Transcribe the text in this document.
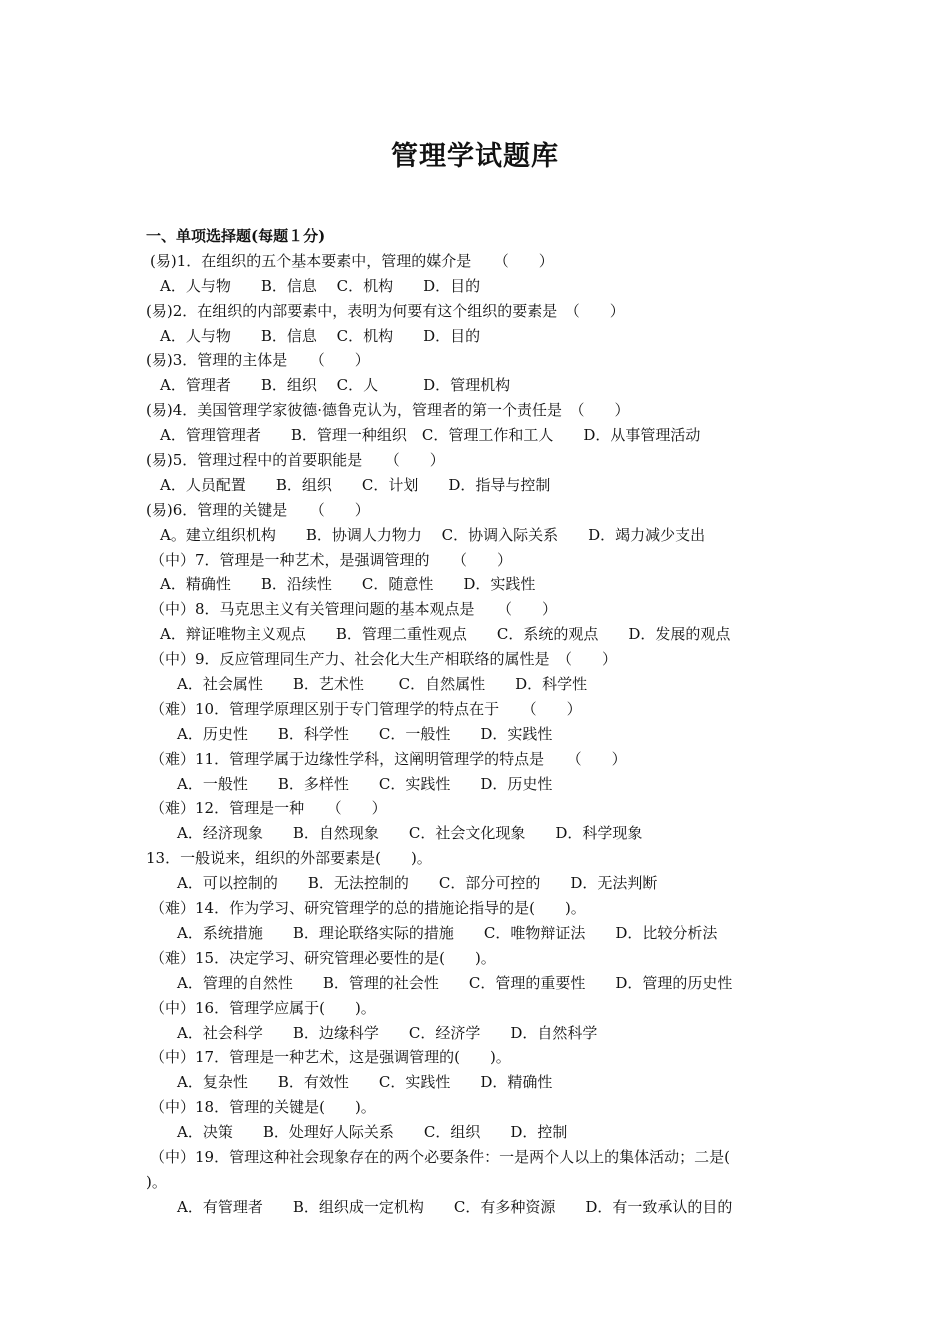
管理学试题库
一、单项选择题(每题１分)
(易)1．在组织的五个基本要素中，管理的媒介是　　（　　）
A．人与物　　B．信息　 C．机构　　D．目的
(易)2．在组织的内部要素中，表明为何要有这个组织的要素是　（　　）
A．人与物　　B．信息　 C．机构　　D．目的
(易)3．管理的主体是　　（　　）
A．管理者　　B．组织　 C．人　　　D．管理机构
(易)4．美国管理学家彼德·德鲁克认为，管理者的第一个责任是　（　　）
A．管理管理者　　B．管理一种组织　C．管理工作和工人　　D．从事管理活动
(易)5．管理过程中的首要职能是　　（　　）
A．人员配置　　B．组织　　C．计划　　D．指导与控制
(易)6．管理的关键是　　（　　）
A。建立组织机构　　B．协调人力物力　 C．协调入际关系　　D．竭力减少支出
（中）7．管理是一种艺术，是强调管理的　　（　　）
A．精确性　　B．沿续性　　C．随意性　　D．实践性
（中）8．马克思主义有关管理问题的基本观点是　　（　　）
A．辩证唯物主义观点　　B．管理二重性观点　　C．系统的观点　　D．发展的观点
（中）9．反应管理同生产力、社会化大生产相联络的属性是　（　　）
A．社会属性　　B．艺术性　　 C．自然属性　　D．科学性
（难）10．管理学原理区别于专门管理学的特点在于　　（　　）
A．历史性　　B．科学性　　C．一般性　　D．实践性
（难）11．管理学属于边缘性学科，这阐明管理学的特点是　　（　　）
A．一般性　　B．多样性　　C．实践性　　D．历史性
（难）12．管理是一种　　（　　）
A．经济现象　　B．自然现象　　C．社会文化现象　　D．科学现象
13．一般说来，组织的外部要素是(　　)。
A．可以控制的　　B．无法控制的　　C．部分可控的　　D．无法判断
（难）14．作为学习、研究管理学的总的措施论指导的是(　　)。
A．系统措施　　B．理论联络实际的措施　　C．唯物辩证法　　D．比较分析法
（难）15．决定学习、研究管理必要性的是(　　)。
A．管理的自然性　　B．管理的社会性　　C．管理的重要性　　D．管理的历史性
（中）16．管理学应属于(　　)。
A．社会科学　　B．边缘科学　　C．经济学　　D．自然科学
（中）17．管理是一种艺术，这是强调管理的(　　)。
A．复杂性　　B．有效性　　C．实践性　　D．精确性
（中）18．管理的关键是(　　)。
A．决策　　B．处理好人际关系　　C．组织　　D．控制
（中）19．管理这种社会现象存在的两个必要条件：一是两个人以上的集体活动；二是(
)。
A．有管理者　　B．组织成一定机构　　C．有多种资源　　D．有一致承认的目的
